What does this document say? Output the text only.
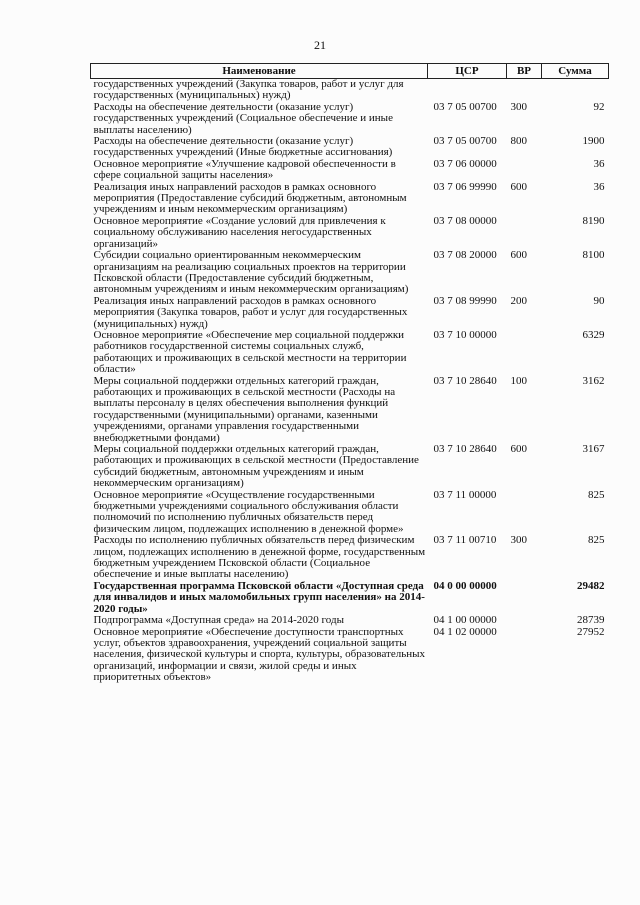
21
Наименование	ЦСР	ВР	Сумма
государственных учреждений (Закупка товаров, работ и услуг для государственных (муниципальных) нужд)			
Расходы на обеспечение деятельности (оказание услуг) государственных учреждений (Социальное обеспечение и иные выплаты населению)	03 7 05 00700	300	92
Расходы на обеспечение деятельности (оказание услуг) государственных учреждений (Иные бюджетные ассигнования)	03 7 05 00700	800	1900
Основное мероприятие «Улучшение кадровой обеспеченности в сфере социальной защиты населения»	03 7 06 00000		36
Реализация иных направлений расходов в рамках основного мероприятия (Предоставление субсидий бюджетным, автономным учреждениям и иным некоммерческим организациям)	03 7 06 99990	600	36
Основное мероприятие «Создание условий для привлечения к социальному обслуживанию населения негосударственных организаций»	03 7 08 00000		8190
Субсидии социально ориентированным некоммерческим организациям на реализацию социальных проектов на территории Псковской области (Предоставление субсидий бюджетным, автономным учреждениям и иным некоммерческим организациям)	03 7 08 20000	600	8100
Реализация иных направлений расходов в рамках основного мероприятия (Закупка товаров, работ и услуг для государственных (муниципальных) нужд)	03 7 08 99990	200	90
Основное мероприятие «Обеспечение мер социальной поддержки работников государственной системы социальных служб, работающих и проживающих в сельской местности на территории области»	03 7 10 00000		6329
Меры социальной поддержки отдельных категорий граждан, работающих и проживающих в сельской местности (Расходы на выплаты персоналу в целях обеспечения выполнения функций государственными (муниципальными) органами, казенными учреждениями, органами управления государственными внебюджетными фондами)	03 7 10 28640	100	3162
Меры социальной поддержки отдельных категорий граждан, работающих и проживающих в сельской местности (Предоставление субсидий бюджетным, автономным учреждениям и иным некоммерческим организациям)	03 7 10 28640	600	3167
Основное мероприятие «Осуществление государственными бюджетными учреждениями социального обслуживания области полномочий по исполнению публичных обязательств перед физическим лицом, подлежащих исполнению в денежной форме»	03 7 11 00000		825
Расходы по исполнению публичных обязательств перед физическим лицом, подлежащих исполнению в денежной форме, государственным бюджетным учреждением Псковской области (Социальное обеспечение и иные выплаты населению)	03 7 11 00710	300	825
Государственная программа Псковской области «Доступная среда для инвалидов и иных маломобильных групп населения» на 2014-2020 годы»	04 0 00 00000		29482
Подпрограмма «Доступная среда» на 2014-2020 годы	04 1 00 00000		28739
Основное мероприятие «Обеспечение доступности транспортных услуг, объектов здравоохранения, учреждений социальной защиты населения, физической культуры и спорта, культуры, образовательных организаций, информации и связи, жилой среды и иных приоритетных объектов»	04 1 02 00000		27952
